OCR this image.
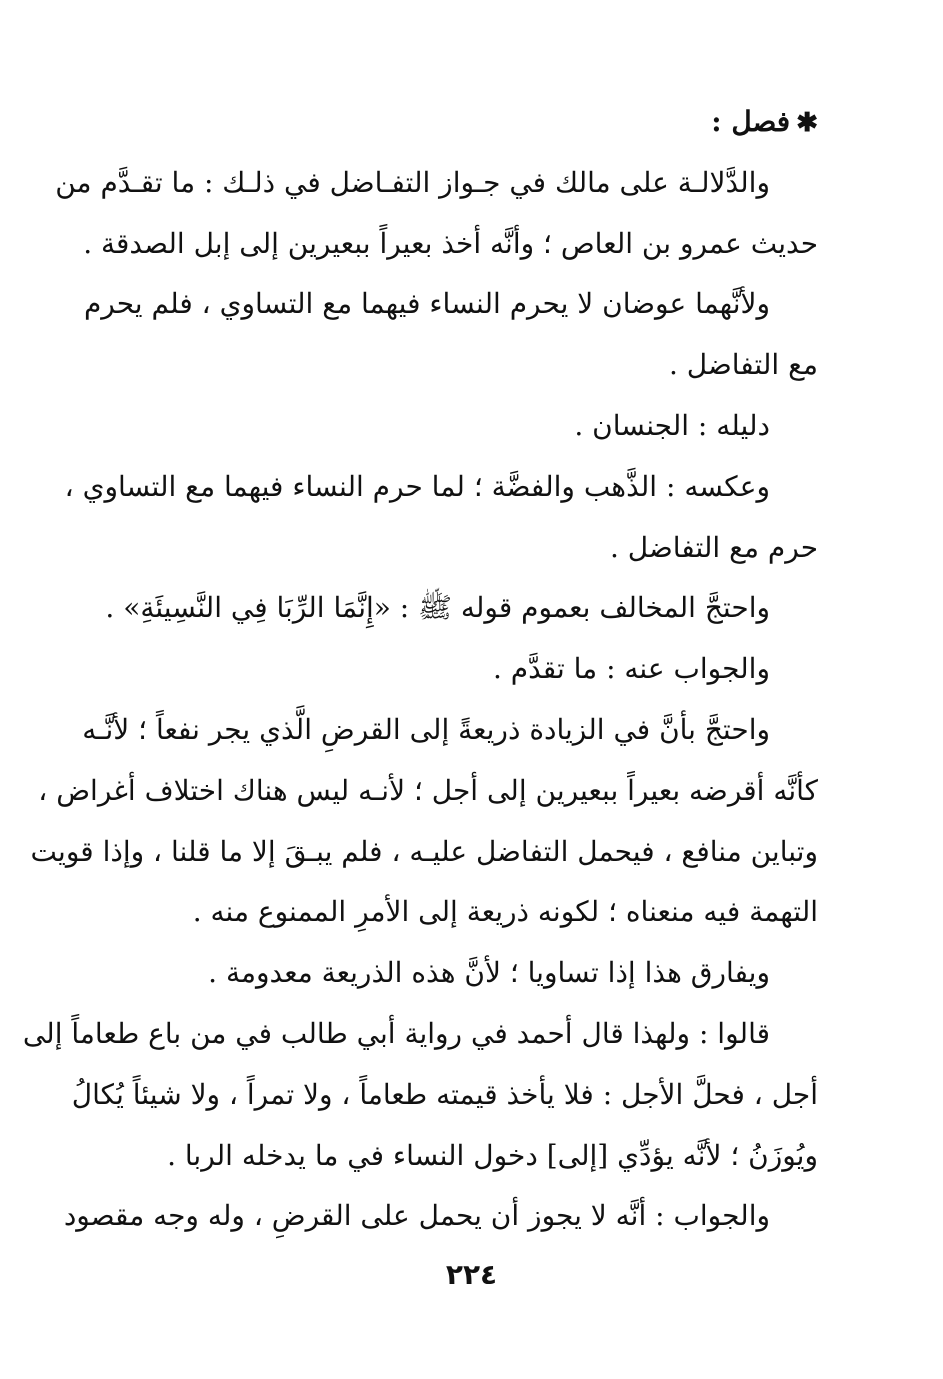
✱فصل :
والدَّلالـة على مالك في جـواز التفـاضل في ذلـك : ما تقـدَّم من
حديث عمرو بن العاص ؛ وأنَّه أخذ بعيراً ببعيرين إلى إبل الصدقة .
ولأنَّهما عوضان لا يحرم النساء فيهما مع التساوي ، فلم يحرم
مع التفاضل .
دليله : الجنسان .
وعكسه : الذَّهب والفضَّة ؛ لما حرم النساء فيهما مع التساوي ،
حرم مع التفاضل .
واحتجَّ المخالف بعموم قوله ﷺ : «إِنَّمَا الرِّبَا فِي النَّسِيئَةِ» .
والجواب عنه : ما تقدَّم .
واحتجَّ بأنَّ في الزيادة ذريعةً إلى القرضِ الَّذي يجر نفعاً ؛ لأنَّـه
كأنَّه أقرضه بعيراً ببعيرين إلى أجل ؛ لأنـه ليس هناك اختلاف أغراض ،
وتباين منافع ، فيحمل التفاضل عليـه ، فلم يبـقَ إلا ما قلنا ، وإذا قويت
التهمة فيه منعناه ؛ لكونه ذريعة إلى الأمرِ الممنوع منه .
ويفارق هذا إذا تساويا ؛ لأنَّ هذه الذريعة معدومة .
قالوا : ولهذا قال أحمد في رواية أبي طالب في من باع طعاماً إلى
أجل ، فحلَّ الأجل : فلا يأخذ قيمته طعاماً ، ولا تمراً ، ولا شيئاً يُكالُ
ويُوزَنُ ؛ لأنَّه يؤدِّي [إلى] دخول النساء في ما يدخله الربا .
والجواب : أنَّه لا يجوز أن يحمل على القرضِ ، وله وجه مقصود
٢٢٤
